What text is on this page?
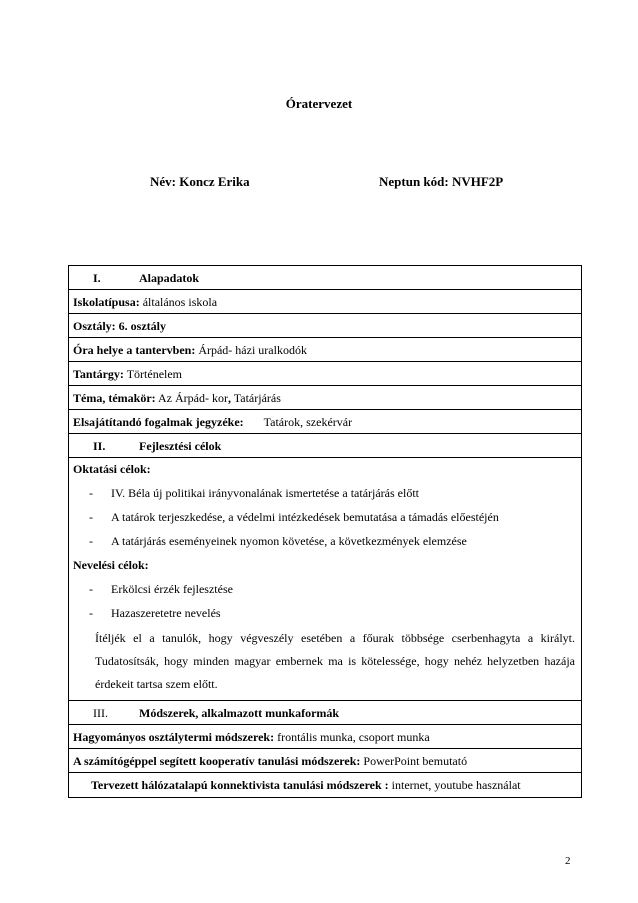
Óratervezet
Név: Koncz Erika	Neptun kód: NVHF2P
I.	Alapadatok
Iskolatípusa: általános iskola
Osztály: 6. osztály
Óra helye a tantervben: Árpád- házi uralkodók
Tantárgy: Történelem
Téma, témakör: Az Árpád- kor, Tatárjárás
Elsajátítandó fogalmak jegyzéke: Tatárok, szekérvár
II.	Fejlesztési célok
Oktatási célok:
- IV. Béla új politikai irányvonalának ismertetése a tatárjárás előtt
- A tatárok terjeszkedése, a védelmi intézkedések bemutatása a támadás előestéjén
- A tatárjárás eseményeinek nyomon követése, a következmények elemzése
Nevelési célok:
- Erkölcsi érzék fejlesztése
- Hazaszeretetre nevelés
Ítéljék el a tanulók, hogy végveszély esetében a főurak többsége cserbenhagyta a királyt. Tudatosítsák, hogy minden magyar embernek ma is kötelessége, hogy nehéz helyzetben hazája érdekeit tartsa szem előtt.
III.	Módszerek, alkalmazott munkaformák
Hagyományos osztálytermi módszerek: frontális munka, csoport munka
A számítógéppel segített kooperatív tanulási módszerek: PowerPoint bemutató
Tervezett hálózatalapú konnektivista tanulási módszerek : internet, youtube használat
2
